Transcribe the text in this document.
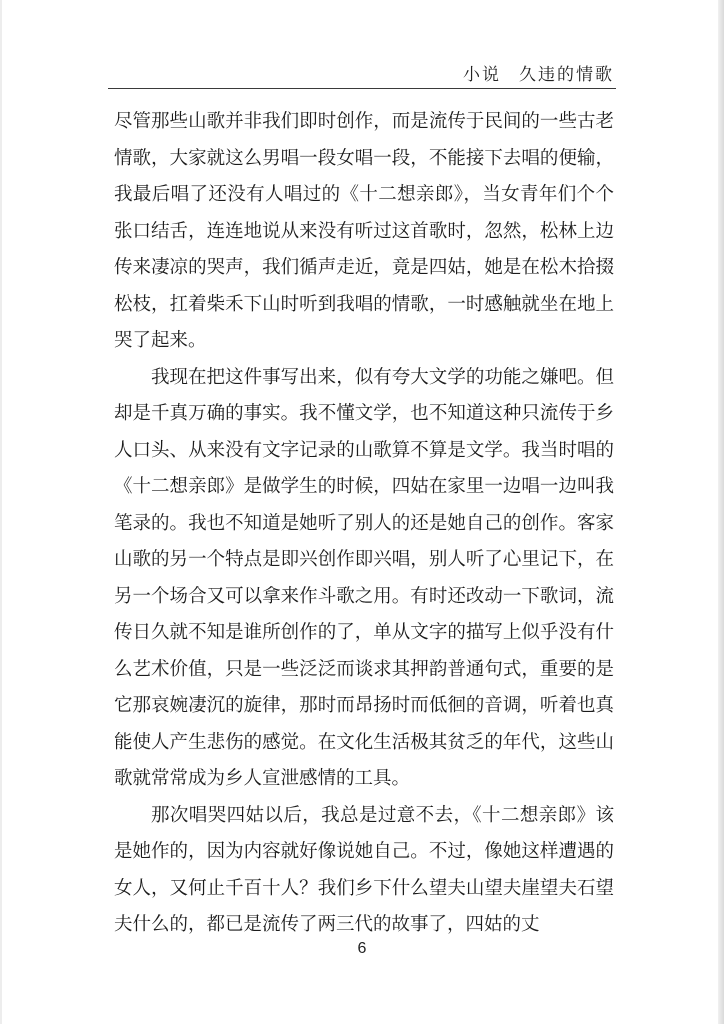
小说 久违的情歌

尽管那些山歌并非我们即时创作，而是流传于民间的一些古老情歌，大家就这么男唱一段女唱一段，不能接下去唱的便输，我最后唱了还没有人唱过的《十二想亲郎》，当女青年们个个张口结舌，连连地说从来没有听过这首歌时，忽然，松林上边传来凄凉的哭声，我们循声走近，竟是四姑，她是在松木拾掇松枝，扛着柴禾下山时听到我唱的情歌，一时感触就坐在地上哭了起来。

我现在把这件事写出来，似有夸大文学的功能之嫌吧。但却是千真万确的事实。我不懂文学，也不知道这种只流传于乡人口头、从来没有文字记录的山歌算不算是文学。我当时唱的《十二想亲郎》是做学生的时候，四姑在家里一边唱一边叫我笔录的。我也不知道是她听了别人的还是她自己的创作。客家山歌的另一个特点是即兴创作即兴唱，别人听了心里记下，在另一个场合又可以拿来作斗歌之用。有时还改动一下歌词，流传日久就不知是谁所创作的了，单从文字的描写上似乎没有什么艺术价值，只是一些泛泛而谈求其押韵普通句式，重要的是它那哀婉凄沉的旋律，那时而昂扬时而低徊的音调，听着也真能使人产生悲伤的感觉。在文化生活极其贫乏的年代，这些山歌就常常成为乡人宣泄感情的工具。

那次唱哭四姑以后，我总是过意不去，《十二想亲郎》该是她作的，因为内容就好像说她自己。不过，像她这样遭遇的女人，又何止千百十人？我们乡下什么望夫山望夫崖望夫石望夫什么的，都已是流传了两三代的故事了，四姑的丈

6
